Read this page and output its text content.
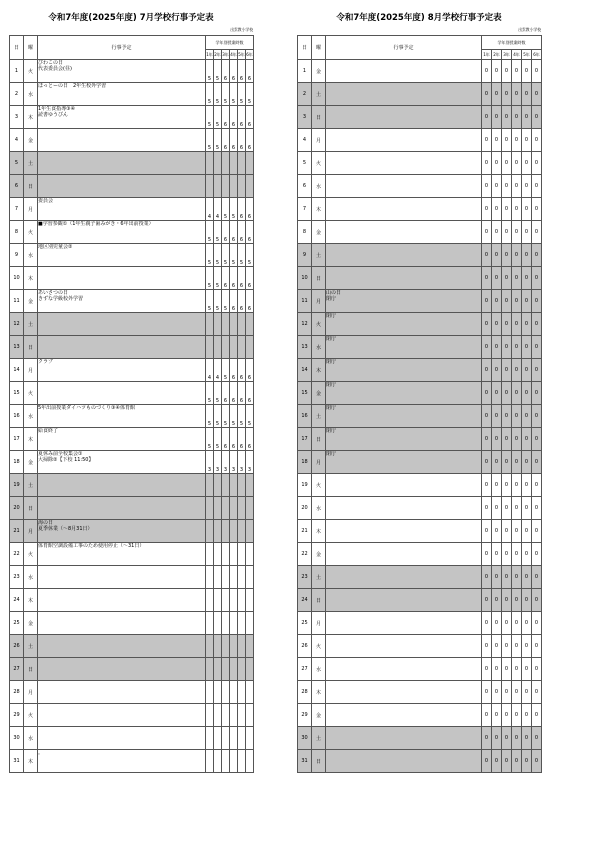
令和7年度(2025年度) 7月学校行事予定表
出雲教小学校
日	曜	行事予定	学年別授業時数					
			1年	2年	3年	4年	5年	6年
1	火	びわこの日
代表委員会(昼)	5	5	6	6	6	6
2	水	ほっとーの日　2年生校外学習	5	5	5	5	5	5
3	木	1年生食指導③④
読書ゆうびん	5	5	6	6	6	6
4	金		5	5	6	6	6	6
5	土							
6	日							
7	月	委員会	4	4	5	5	6	6
8	火	■学習参観①（1年生親子歯みがき・6年出前授業）	5	5	6	6	6	6
9	水	地区別児童会②	5	5	5	5	5	5
10	木		5	5	6	6	6	6
11	金	あいさつの日
きずな学級校外学習	5	5	5	6	6	6
12	土							
13	日							
14	月	クラブ	4	4	5	6	6	6
15	火		5	5	6	6	6	6
16	水	5年出前授業ダイハツものづくり③④体育館	5	5	5	5	5	5
17	木	給食終了	5	5	6	6	6	6
18	金	夏休み前全校集会①
大掃除②【下校 11:50】	3	3	3	3	3	3
19	土							
20	日							
21	月	海の日
夏季休業（～8月31日）						

22	火	体育館空調設備工事のため使用停止（～31日）						

23	水							
24	木							
25	金							
26	土							
27	日							
28	月							
29	火							
30	水							
31	木	。						

令和7年度(2025年度) 8月学校行事予定表
出雲教小学校
日	曜	行事予定	学年別授業時数					
			1年	2年	3年	4年	5年	6年
1	金		0	0	0	0	0	0
2	土		0	0	0	0	0	0
3	日		0	0	0	0	0	0
4	月		0	0	0	0	0	0
5	火		0	0	0	0	0	0
6	水		0	0	0	0	0	0
7	木		0	0	0	0	0	0
8	金		0	0	0	0	0	0
9	土		0	0	0	0	0	0
10	日		0	0	0	0	0	0
11	月	山の日
閉庁	0	0	0	0	0	0
12	火	閉庁	0	0	0	0	0	0
13	水	閉庁	0	0	0	0	0	0
14	木	閉庁	0	0	0	0	0	0
15	金	閉庁	0	0	0	0	0	0
16	土	閉庁	0	0	0	0	0	0
17	日	閉庁	0	0	0	0	0	0
18	月	閉庁	0	0	0	0	0	0
19	火		0	0	0	0	0	0
20	水		0	0	0	0	0	0
21	木		0	0	0	0	0	0
22	金		0	0	0	0	0	0
23	土		0	0	0	0	0	0
24	日		0	0	0	0	0	0
25	月		0	0	0	0	0	0
26	火		0	0	0	0	0	0
27	水		0	0	0	0	0	0
28	木		0	0	0	0	0	0
29	金		0	0	0	0	0	0
30	土		0	0	0	0	0	0
31	日		0	0	0	0	0	0
